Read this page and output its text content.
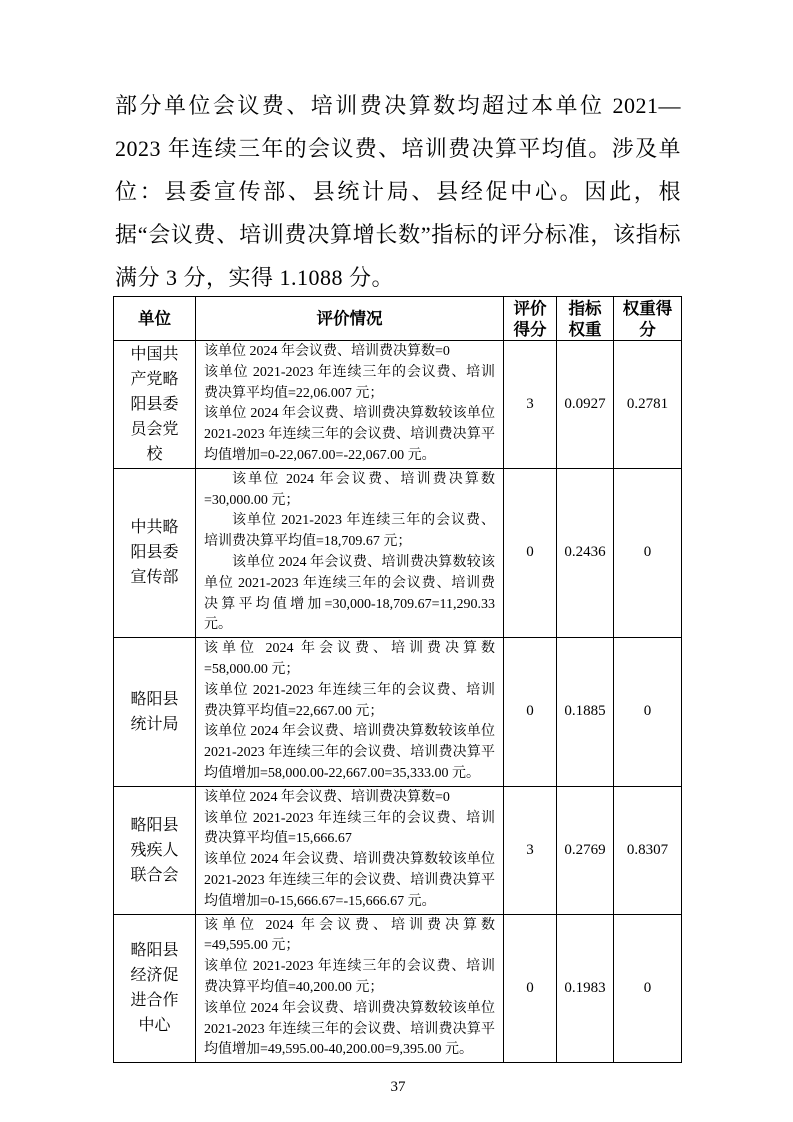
部分单位会议费、培训费决算数均超过本单位 2021—2023 年连续三年的会议费、培训费决算平均值。涉及单位：县委宣传部、县统计局、县经促中心。因此，根据“会议费、培训费决算增长数”指标的评分标准，该指标满分 3 分，实得 1.1088 分。

单位	评价情况	评价得分	指标权重	权重得分
中国共产党略阳县委员会党校	该单位 2024 年会议费、培训费决算数=0

该单位 2021-2023 年连续三年的会议费、培训费决算平均值=22,06.007 元；

该单位 2024 年会议费、培训费决算数较该单位 2021-2023 年连续三年的会议费、培训费决算平均值增加=0-22,067.00=-22,067.00 元。	3	0.0927	0.2781
中共略阳县委宣传部	该单位 2024 年会议费、培训费决算数=30,000.00 元；

该单位 2021-2023 年连续三年的会议费、培训费决算平均值=18,709.67 元；

该单位 2024 年会议费、培训费决算数较该单位 2021-2023 年连续三年的会议费、培训费决算平均值增加=30,000-18,709.67=11,290.33 元。	0	0.2436	0
略阳县统计局	该单位 2024 年会议费、培训费决算数=58,000.00 元；

该单位 2021-2023 年连续三年的会议费、培训费决算平均值=22,667.00 元；

该单位 2024 年会议费、培训费决算数较该单位 2021-2023 年连续三年的会议费、培训费决算平均值增加=58,000.00-22,667.00=35,333.00 元。	0	0.1885	0
略阳县残疾人联合会	该单位 2024 年会议费、培训费决算数=0

该单位 2021-2023 年连续三年的会议费、培训费决算平均值=15,666.67

该单位 2024 年会议费、培训费决算数较该单位 2021-2023 年连续三年的会议费、培训费决算平均值增加=0-15,666.67=-15,666.67 元。	3	0.2769	0.8307
略阳县经济促进合作中心	该单位 2024 年会议费、培训费决算数=49,595.00 元；

该单位 2021-2023 年连续三年的会议费、培训费决算平均值=40,200.00 元；

该单位 2024 年会议费、培训费决算数较该单位 2021-2023 年连续三年的会议费、培训费决算平均值增加=49,595.00-40,200.00=9,395.00 元。	0	0.1983	0
37
